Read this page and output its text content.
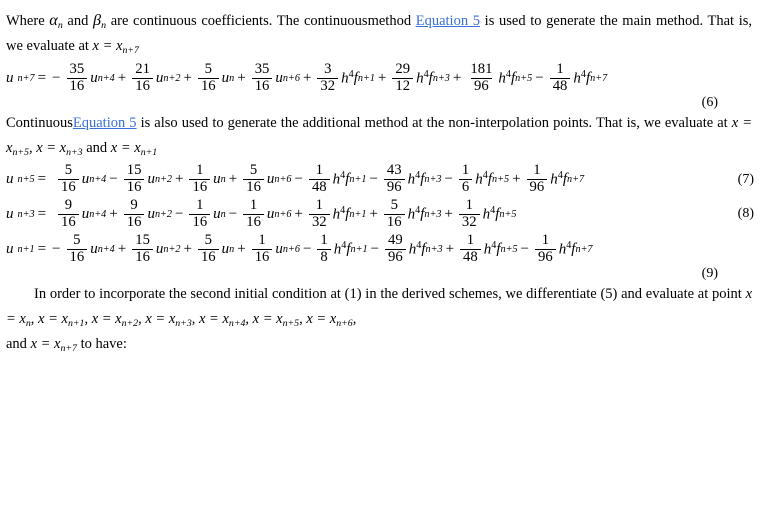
Where $\alpha_n$ and $\beta_n$ are continuous coefficients. The continuousmethod Equation 5 is used to generate the main method. That is, we evaluate at $x = x_{n+7}$

u n+7 = − $\frac{35}{16}$ u $n+4 + \frac{21}{16}$ u $n+2 + \frac{5}{16}$ u $n + \frac{35}{16}$ u $n+6 + \frac{3}{32} h^4$ f $n+1 + \frac{29}{12} h^4$ f $n+3 + \frac{181}{96} h^4$ f $n+5 - \frac{1}{48} h^4$ f n+7
(6)

ContinuousEquation 5 is also used to generate the additional method at the non-interpolation points. That is, we evaluate at $x = x_{n+5}$, $x = x_{n+3}$ and $x = x_{n+1}$

u $n+5 = \frac{5}{16}$ u $n+4 - \frac{15}{16}$ u $n+2 + \frac{1}{16}$ u $n + \frac{5}{16}$ u $n+6 - \frac{1}{48} h^4$ f $n+1 - \frac{43}{96} h^4$ f $n+3 - \frac{1}{6} h^4$ f $n+5 + \frac{1}{96} h^4$ f n+7	(7)
u $n+3 = \frac{9}{16}$ u $n+4 + \frac{9}{16}$ u $n+2 - \frac{1}{16}$ u $n - \frac{1}{16}$ u $n+6 + \frac{1}{32} h^4$ f $n+1 + \frac{5}{16} h^4$ f $n+3 + \frac{1}{32} h^4$ f n+5	(8)
u n+1 = − $\frac{5}{16}$ u $n+4 + \frac{15}{16}$ u $n+2 + \frac{5}{16}$ u $n + \frac{1}{16}$ u $n+6 - \frac{1}{8} h^4$ f $n+1 - \frac{49}{96} h^4$ f $n+3 + \frac{1}{48} h^4$ f $n+5 - \frac{1}{96} h^4$ f n+7
(9)

In order to incorporate the second initial condition at (1) in the derived schemes, we differentiate (5) and evaluate at point $x = x_n$, $x = x_{n+1}$, $x = x_{n+2}$, $x = x_{n+3}$, $x = x_{n+4}$, $x = x_{n+5}$, $x = x_{n+6}$,

and $x = x_{n+7}$ to have:
